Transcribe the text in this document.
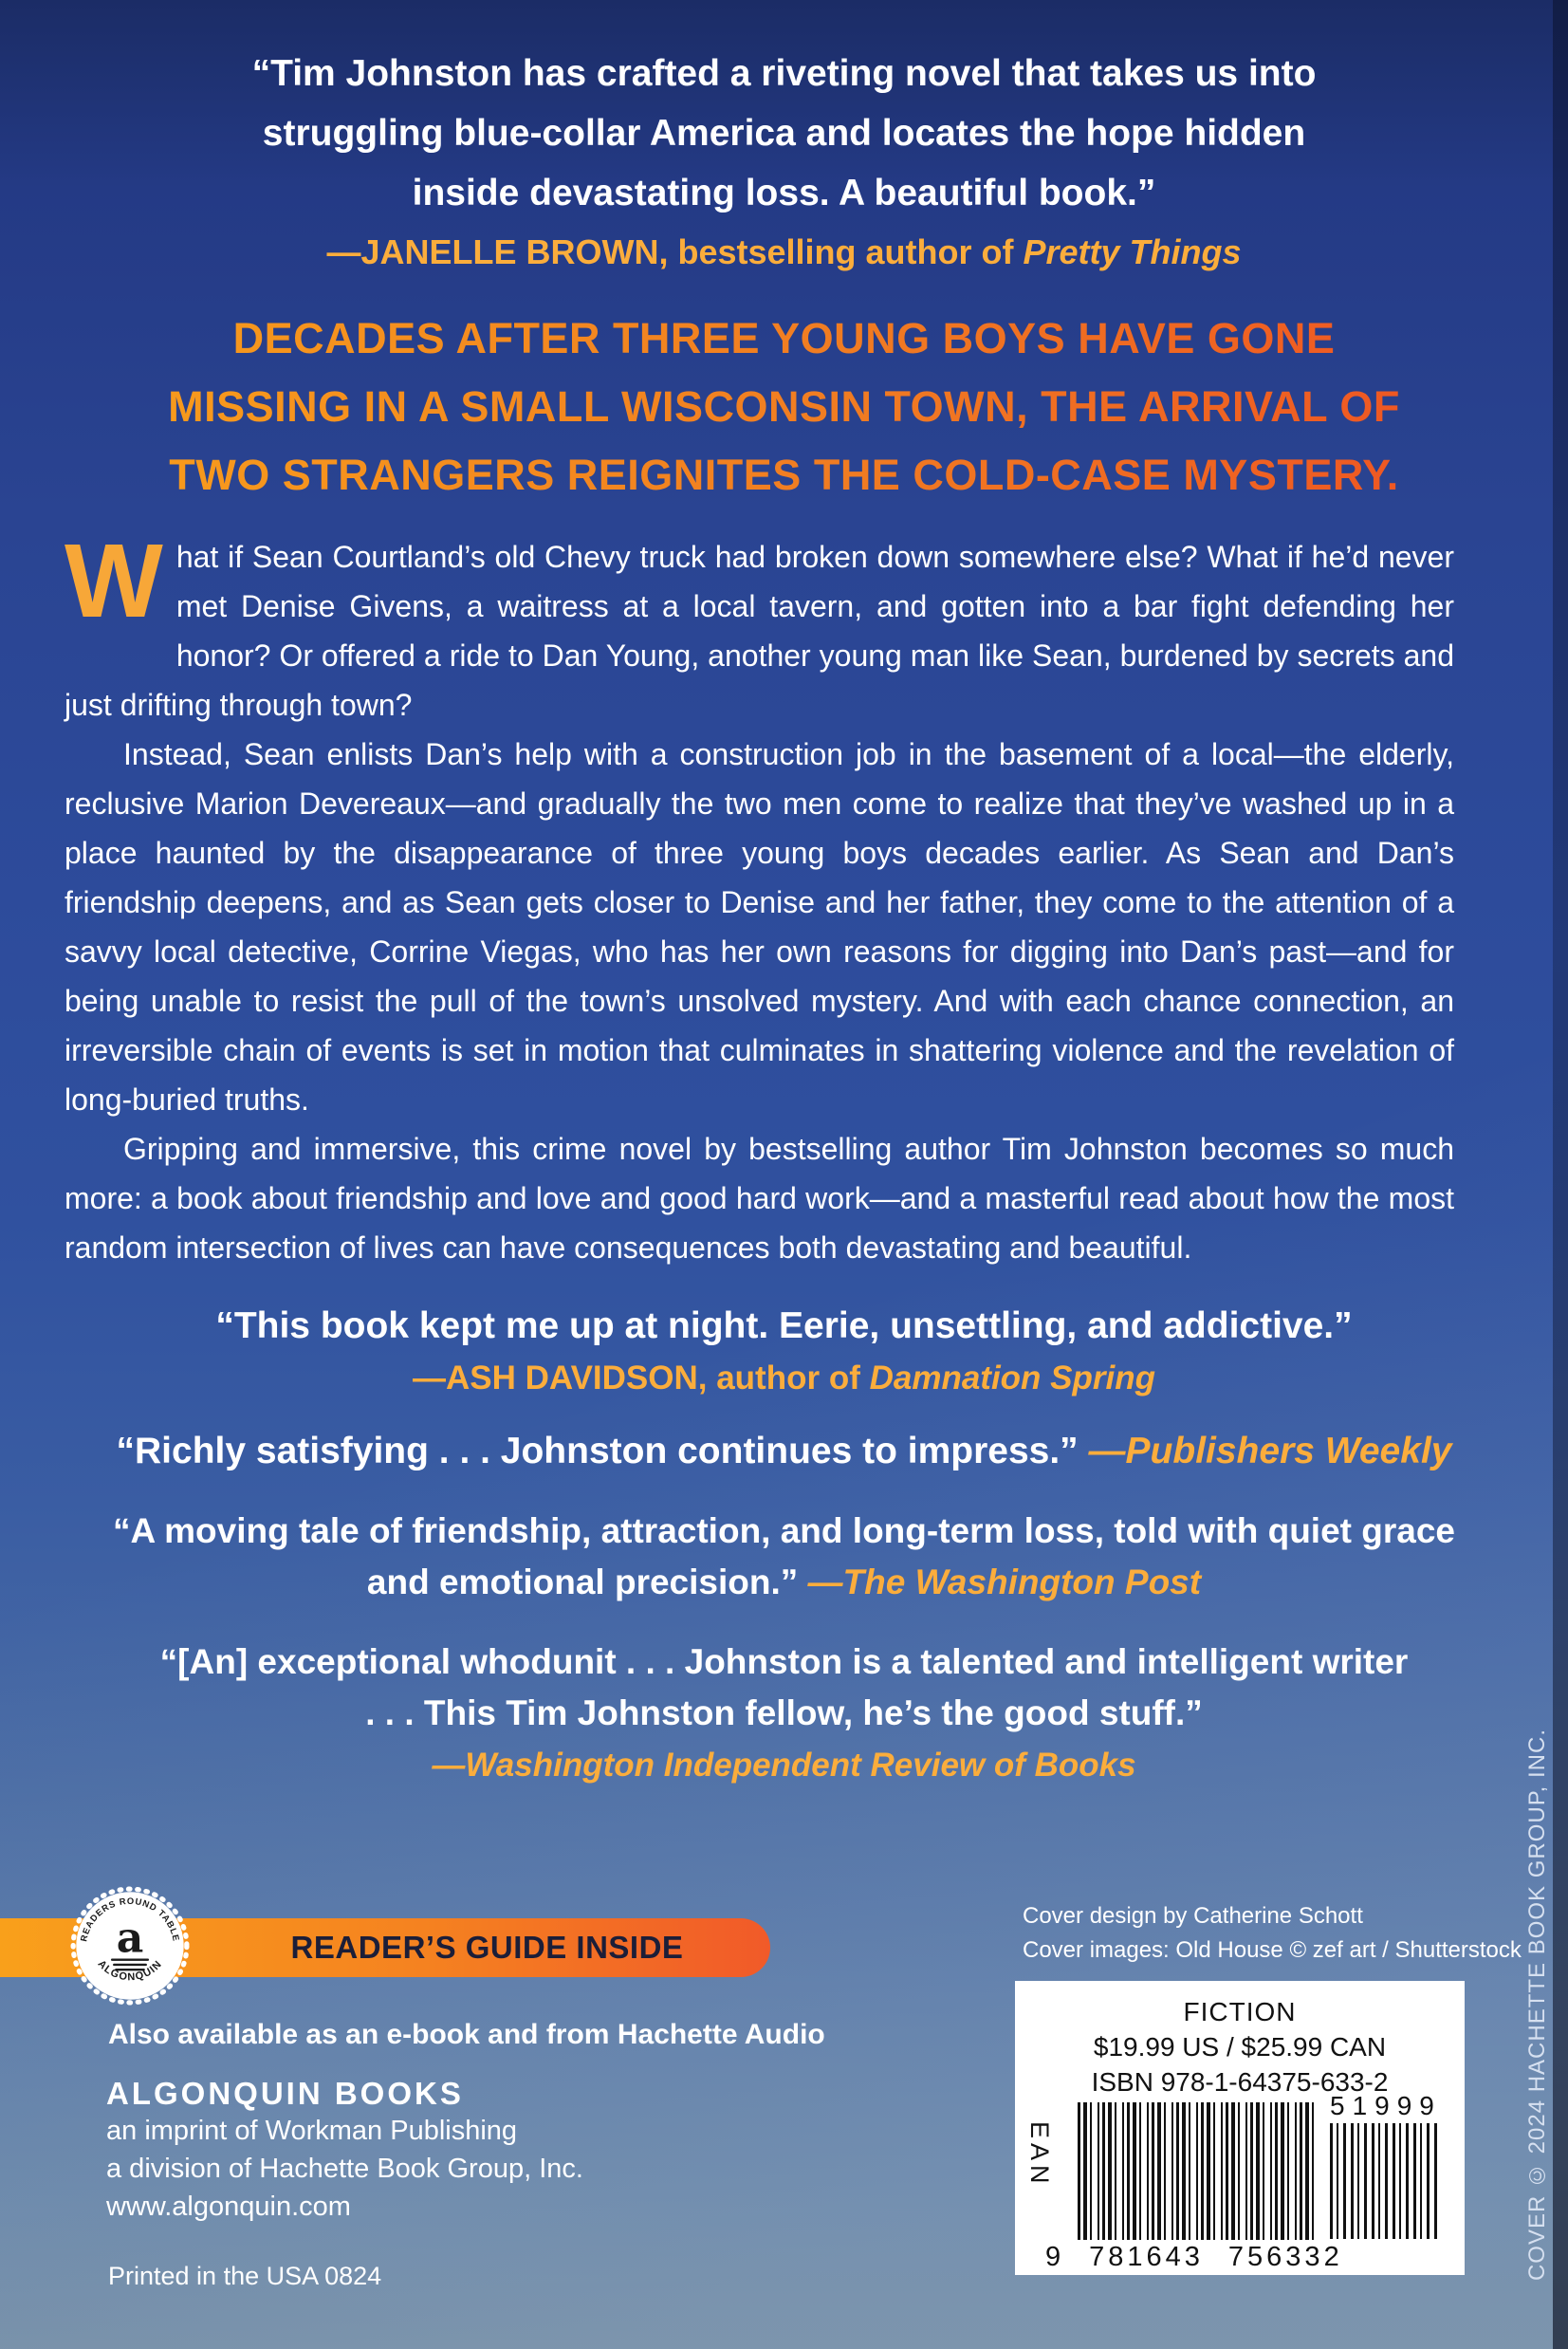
“Tim Johnston has crafted a riveting novel that takes us into
struggling blue-collar America and locates the hope hidden
inside devastating loss. A beautiful book.”
—JANELLE BROWN, bestselling author of Pretty Things
DECADES AFTER THREE YOUNG BOYS HAVE GONE
MISSING IN A SMALL WISCONSIN TOWN, THE ARRIVAL OF
TWO STRANGERS REIGNITES THE COLD-CASE MYSTERY.

What if Sean Courtland’s old Chevy truck had broken down somewhere else? What if he’d never met Denise Givens, a waitress at a local tavern, and gotten into a bar fight defending her honor? Or offered a ride to Dan Young, another young man like Sean, burdened by secrets and just drifting through town?

Instead, Sean enlists Dan’s help with a construction job in the basement of a local—the elderly, reclusive Marion Devereaux—and gradually the two men come to realize that they’ve washed up in a place haunted by the disappearance of three young boys decades earlier. As Sean and Dan’s friendship deepens, and as Sean gets closer to Denise and her father, they come to the attention of a savvy local detective, Corrine Viegas, who has her own reasons for digging into Dan’s past—and for being unable to resist the pull of the town’s unsolved mystery. And with each chance connection, an irreversible chain of events is set in motion that culminates in shattering violence and the revelation of long-buried truths.

Gripping and immersive, this crime novel by bestselling author Tim Johnston becomes so much more: a book about friendship and love and good hard work—and a masterful read about how the most random intersection of lives can have consequences both devastating and beautiful.

“This book kept me up at night. Eerie, unsettling, and addictive.”

—ASH DAVIDSON, author of Damnation Spring

“Richly satisfying . . . Johnston continues to impress.” —Publishers Weekly

“A moving tale of friendship, attraction, and long-term loss, told with quiet grace and emotional precision.” —The Washington Post

“[An] exceptional whodunit . . . Johnston is a talented and intelligent writer . . . This Tim Johnston fellow, he’s the good stuff.”

—Washington Independent Review of Books

READER’S GUIDE INSIDE
READERS ROUND TABLE
ALGONQUIN
a
Also available as an e-book and from Hachette Audio
ALGONQUIN BOOKS
an imprint of Workman Publishing
a division of Hachette Book Group, Inc.
www.algonquin.com
Printed in the USA 0824
Cover design by Catherine Schott
Cover images: Old House © zef art / Shutterstock
FICTION
$19.99 US / $25.99 CAN
ISBN 978-1-64375-633-2
EAN
9 781643 756332
51999	COVER © 2024 HACHETTE BOOK GROUP, INC.
